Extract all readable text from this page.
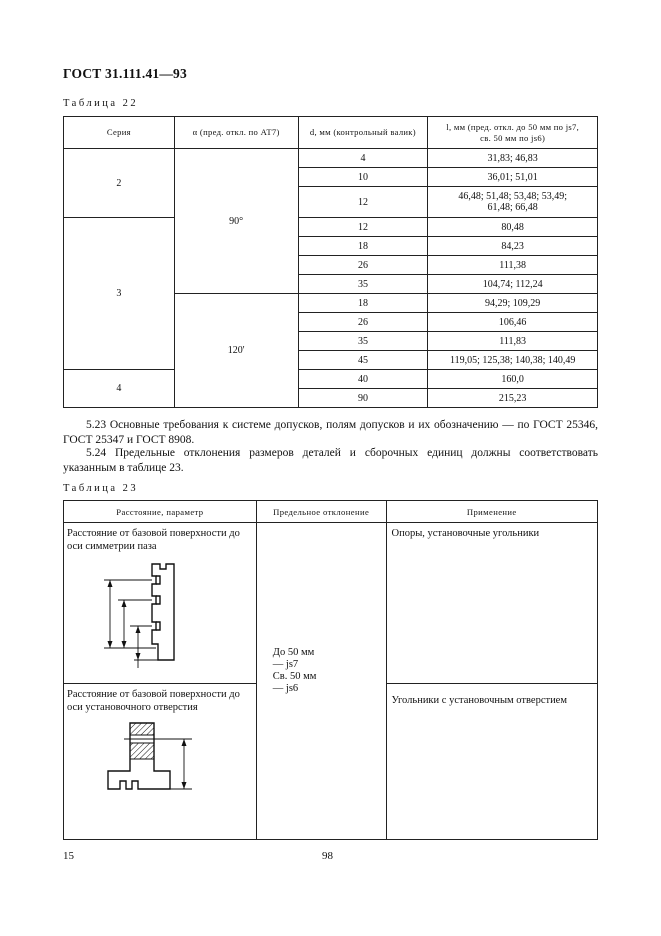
ГОСТ 31.111.41—93
Таблица 22
Серия	α (пред. откл. по АТ7)	d, мм (контрольный валик)	l, мм (пред. откл. до 50 мм по js7,
св. 50 мм по js6)

2	90°	4	31,83; 46,83
		10	36,01; 51,01
		12	46,48; 51,48; 53,48; 53,49;
61,48; 66,48

3		12	80,48
		18	84,23
		26	111,38
		35	104,74; 112,24
	120'	18	94,29; 109,29
		26	106,46
		35	111,83
		45	119,05; 125,38; 140,38; 140,49
4		40	160,0
		90	215,23
5.23 Основные требования к системе допусков, полям допусков и их обозначению — по ГОСТ 25346, ГОСТ 25347 и ГОСТ 8908.
5.24 Предельные отклонения размеров деталей и сборочных единиц должны соответствовать указанным в таблице 23.
Таблица 23
Расстояние, параметр	Предельное отклонение	Применение

Расстояние от базовой поверхности до оси симметрии паза	До 50 мм
— js7
Св. 50 мм
— js6	Опоры, установочные угольники

Расстояние от базовой поверхности до оси установочного отверстия		Угольники с установочным отверстием
15	98
